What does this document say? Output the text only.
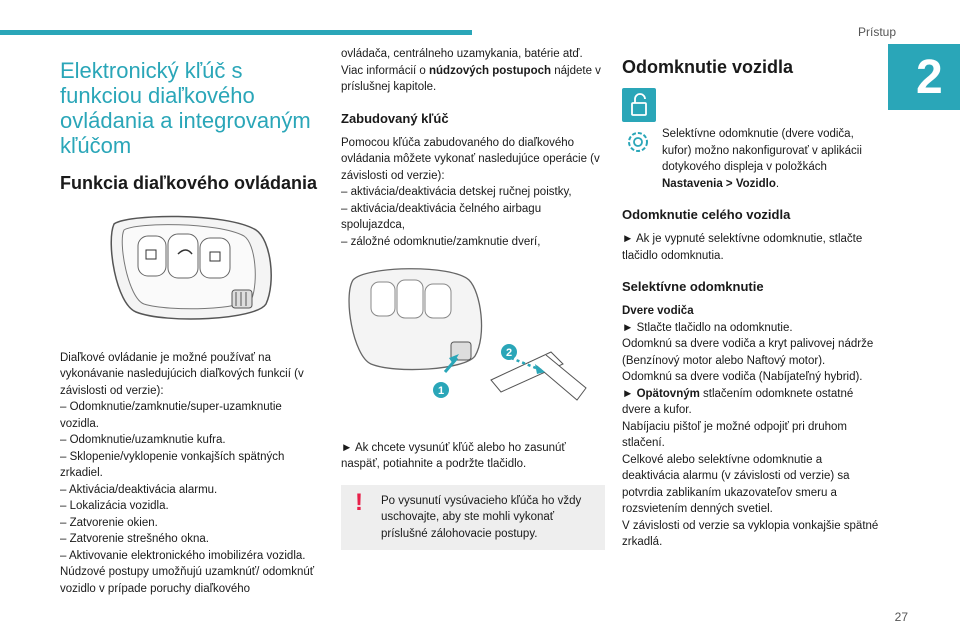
Prístup
2
27
Elektronický kľúč s funkciou diaľkového ovládania a integrovaným kľúčom
Funkcia diaľkového ovládania

Diaľkové ovládanie je možné používať na vykonávanie nasledujúcich diaľkových funkcií (v závislosti od verzie):

– Odomknutie/zamknutie/super-uzamknutie vozidla.

– Odomknutie/uzamknutie kufra.

– Sklopenie/vyklopenie vonkajších spätných zrkadiel.

– Aktivácia/deaktivácia alarmu.

– Lokalizácia vozidla.

– Zatvorenie okien.

– Zatvorenie strešného okna.

– Aktivovanie elektronického imobilizéra vozidla.

Núdzové postupy umožňujú uzamknúť/ odomknúť vozidlo v prípade poruchy diaľkového

ovládača, centrálneho uzamykania, batérie atď. Viac informácií o núdzových postupoch nájdete v príslušnej kapitole.

Zabudovaný kľúč

Pomocou kľúča zabudovaného do diaľkového ovládania môžete vykonať nasledujúce operácie (v závislosti od verzie):

– aktivácia/deaktivácia detskej ručnej poistky,

– aktivácia/deaktivácia čelného airbagu spolujazdca,

– záložné odomknutie/zamknutie dverí,

1
2

► Ak chcete vysunúť kľúč alebo ho zasunúť naspäť, potiahnite a podržte tlačidlo.

! Po vysunutí vysúvacieho kľúča ho vždy uschovajte, aby ste mohli vykonať príslušné zálohovacie postupy.
Odomknutie vozidla

Selektívne odomknutie (dvere vodiča, kufor) možno nakonfigurovať v aplikácii dotykového displeja v položkách Nastavenia > Vozidlo.

Odomknutie celého vozidla

► Ak je vypnuté selektívne odomknutie, stlačte tlačidlo odomknutia.

Selektívne odomknutie

Dvere vodiča

► Stlačte tlačidlo na odomknutie.

Odomknú sa dvere vodiča a kryt palivovej nádrže (Benzínový motor alebo Naftový motor).

Odomknú sa dvere vodiča (Nabíjateľný hybrid).

► Opätovným stlačením odomknete ostatné dvere a kufor.

Nabíjaciu pištoľ je možné odpojiť pri druhom stlačení.

Celkové alebo selektívne odomknutie a deaktivácia alarmu (v závislosti od verzie) sa potvrdia zablikaním ukazovateľov smeru a rozsvietením denných svetiel.

V závislosti od verzie sa vyklopia vonkajšie spätné zrkadlá.
